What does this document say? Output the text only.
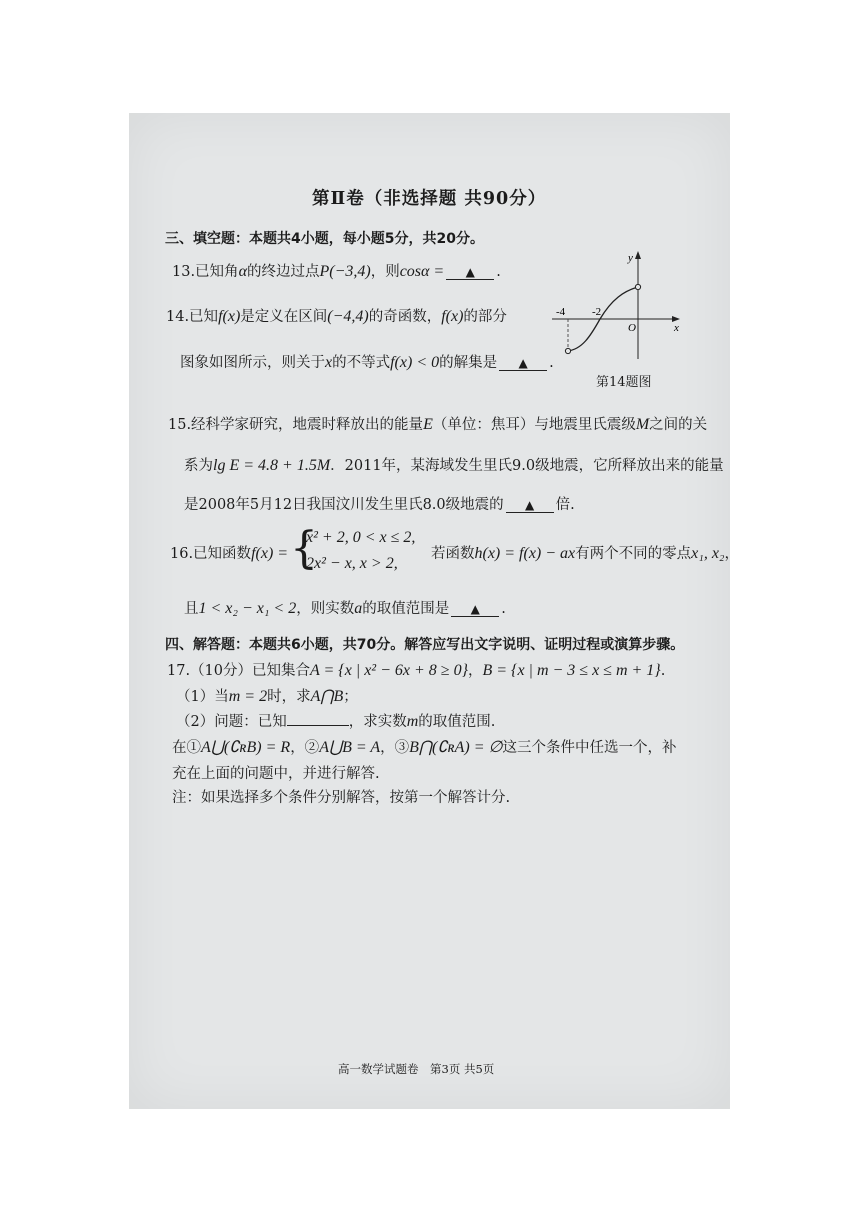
第Ⅱ卷（非选择题 共90分）
三、填空题：本题共4小题，每小题5分，共20分。
13.已知角α的终边过点P(−3,4)，则cosα = ▲ .
14.已知f(x)是定义在区间(−4,4)的奇函数，f(x)的部分
图象如图所示，则关于x的不等式f(x) < 0的解集是 ▲ .
y
x
O
-4 -2
第14题图
15.经科学家研究，地震时释放出的能量E（单位：焦耳）与地震里氏震级M之间的关
系为lg E = 4.8 + 1.5M．2011年，某海域发生里氏9.0级地震，它所释放出来的能量
是2008年5月12日我国汶川发生里氏8.0级地震的 ▲ 倍.
16.已知函数f(x) = {
x² + 2, 0 < x ≤ 2,
2x² − x, x > 2,
若函数h(x) = f(x) − ax有两个不同的零点x₁, x₂，
且1 < x₂ − x₁ < 2，则实数a的取值范围是 ▲ .
四、解答题：本题共6小题，共70分。解答应写出文字说明、证明过程或演算步骤。
17.（10分）已知集合A = {x | x² − 6x + 8 ≥ 0}，B = {x | m − 3 ≤ x ≤ m + 1}.
（1）当m = 2时，求A⋂B；
（2）问题：已知	，求实数m的取值范围.
在①A⋃(∁ʀB) = R，②A⋃B = A，③B⋂(∁ʀA) = ∅这三个条件中任选一个，补
充在上面的问题中，并进行解答.
注：如果选择多个条件分别解答，按第一个解答计分.
高一数学试题卷　第3页 共5页
